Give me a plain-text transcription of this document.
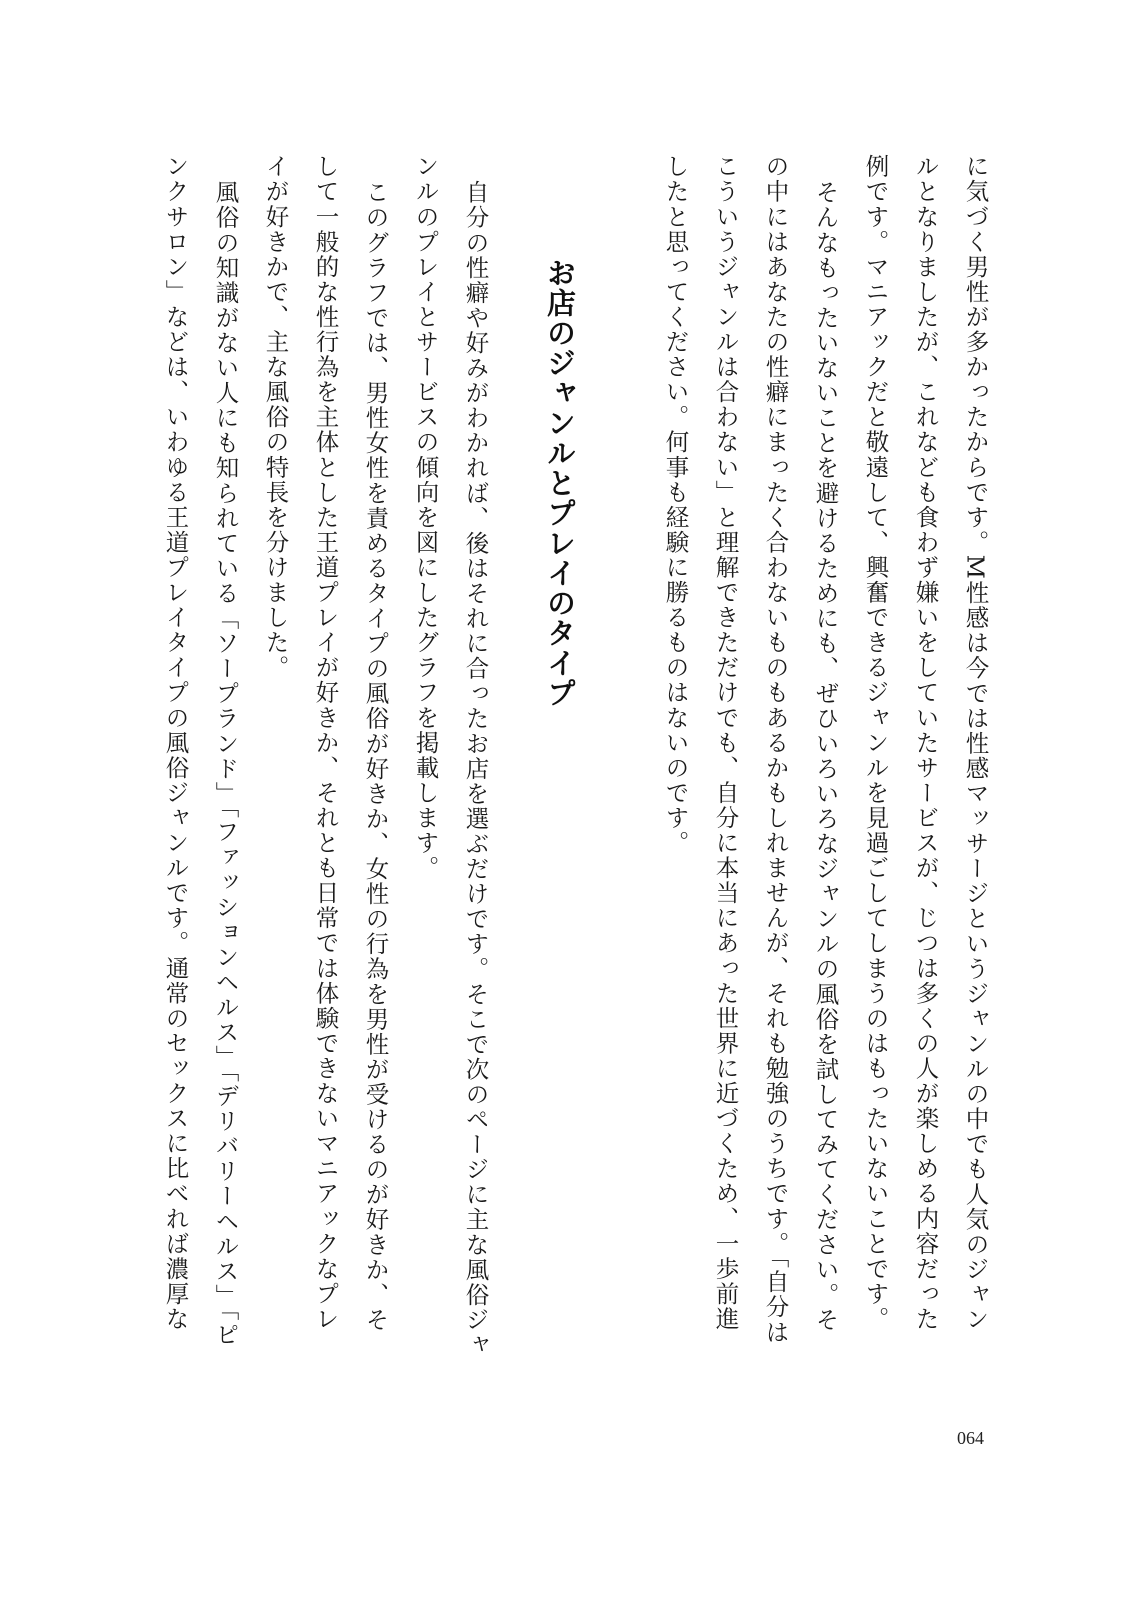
に気づく男性が多かったからです。M性感は今では性感マッサージというジャンルの中でも人気のジャン
ルとなりましたが、これなども食わず嫌いをしていたサービスが、じつは多くの人が楽しめる内容だった
例です。マニアックだと敬遠して、興奮できるジャンルを見過ごしてしまうのはもったいないことです。
そんなもったいないことを避けるためにも、ぜひいろいろなジャンルの風俗を試してみてください。そ
の中にはあなたの性癖にまったく合わないものもあるかもしれませんが、それも勉強のうちです。「自分は
こういうジャンルは合わない」と理解できただけでも、自分に本当にあった世界に近づくため、一歩前進
したと思ってください。何事も経験に勝るものはないのです。
お店のジャンルとプレイのタイプ
自分の性癖や好みがわかれば、後はそれに合ったお店を選ぶだけです。そこで次のページに主な風俗ジャ
ンルのプレイとサービスの傾向を図にしたグラフを掲載します。
このグラフでは、男性女性を責めるタイプの風俗が好きか、女性の行為を男性が受けるのが好きか、そ
して一般的な性行為を主体とした王道プレイが好きか、それとも日常では体験できないマニアックなプレ
イが好きかで、主な風俗の特長を分けました。
風俗の知識がない人にも知られている「ソープランド」「ファッションヘルス」「デリバリーヘルス」「ピ
ンクサロン」などは、いわゆる王道プレイタイプの風俗ジャンルです。通常のセックスに比べれば濃厚な
064
